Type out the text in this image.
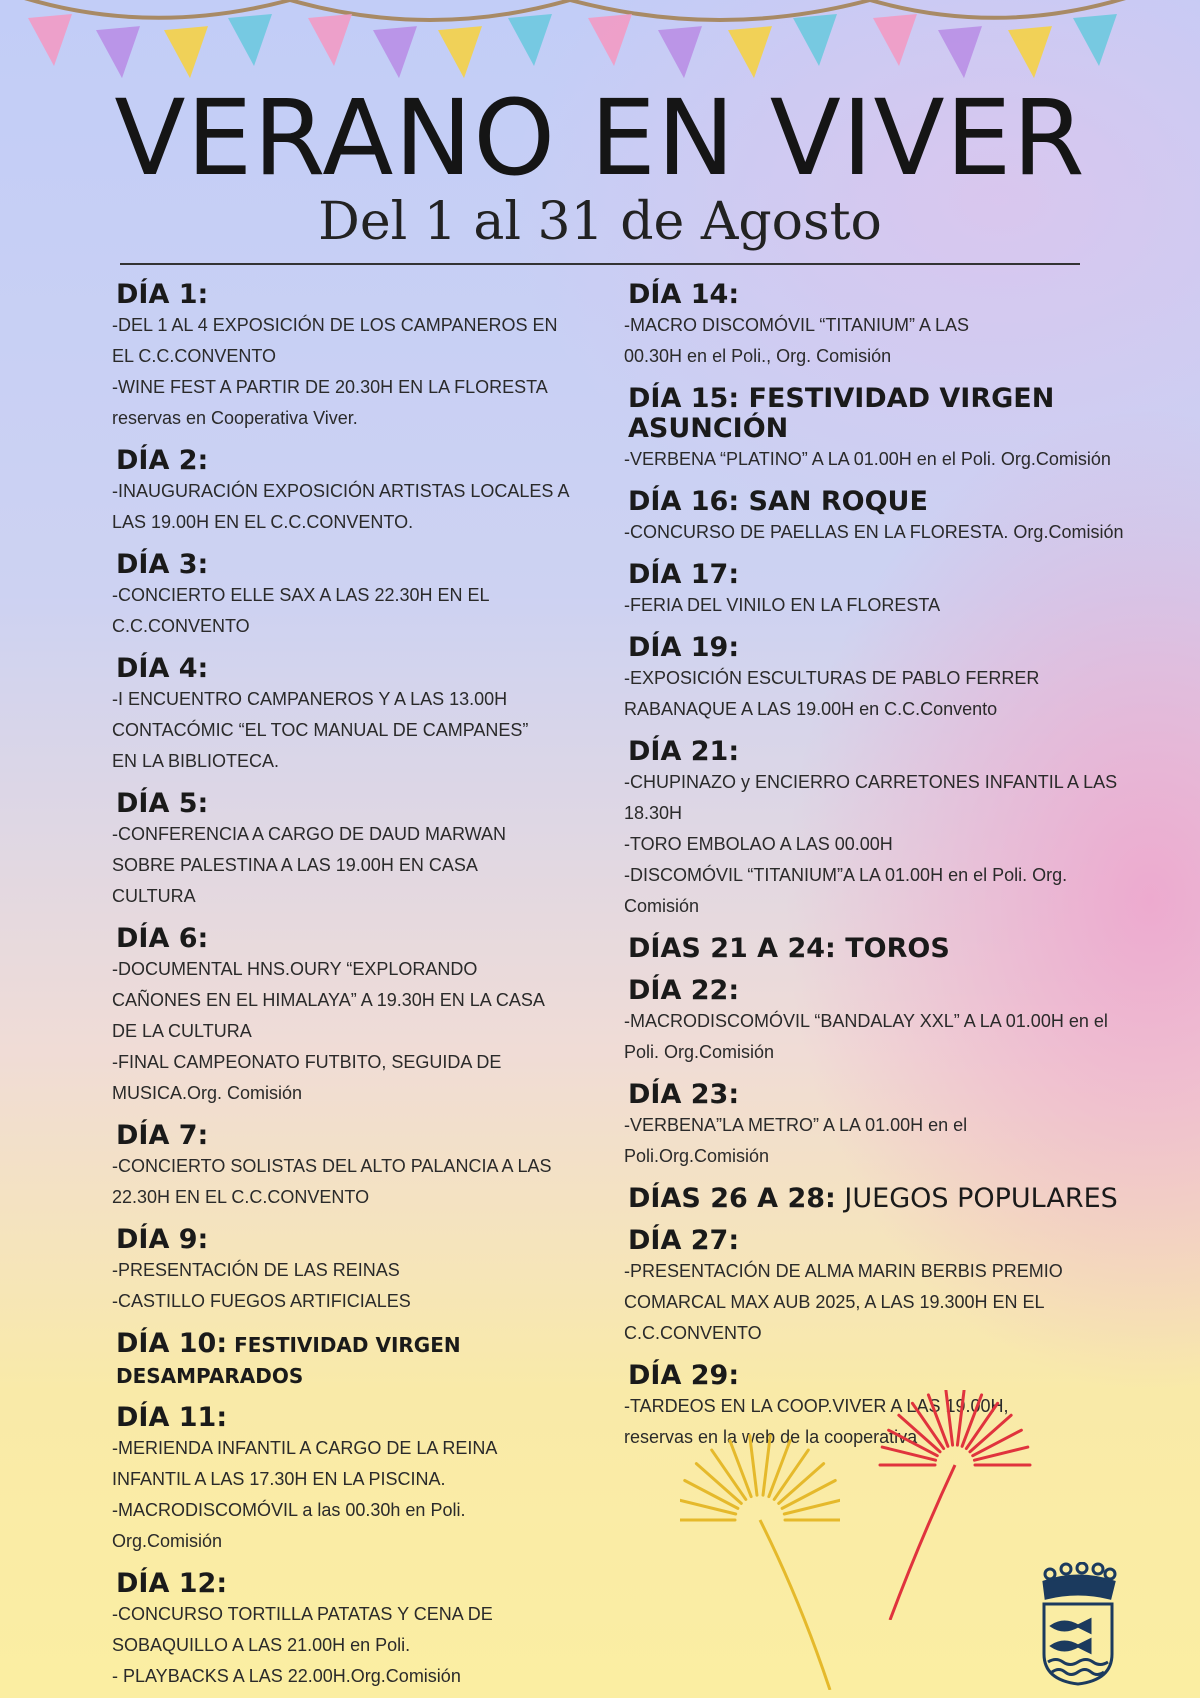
VERANO EN VIVER
Del 1 al 31 de Agosto
DÍA 1:
-DEL 1 AL 4 EXPOSICIÓN DE LOS CAMPANEROS EN
EL C.C.CONVENTO
-WINE FEST A PARTIR DE 20.30H EN LA FLORESTA
reservas en Cooperativa Viver.
DÍA 2:
-INAUGURACIÓN EXPOSICIÓN ARTISTAS LOCALES A
LAS 19.00H EN EL C.C.CONVENTO.
DÍA 3:
-CONCIERTO ELLE SAX A LAS 22.30H EN EL
C.C.CONVENTO
DÍA 4:
-I ENCUENTRO CAMPANEROS Y A LAS 13.00H
CONTACÓMIC “EL TOC MANUAL DE CAMPANES”
EN LA BIBLIOTECA.
DÍA 5:
-CONFERENCIA A CARGO DE DAUD MARWAN
SOBRE PALESTINA A LAS 19.00H EN CASA
CULTURA
DÍA 6:
-DOCUMENTAL HNS.OURY “EXPLORANDO
CAÑONES EN EL HIMALAYA” A 19.30H EN LA CASA
DE LA CULTURA
-FINAL CAMPEONATO FUTBITO, SEGUIDA DE
MUSICA.Org. Comisión
DÍA 7:
-CONCIERTO SOLISTAS DEL ALTO PALANCIA A LAS
22.30H EN EL C.C.CONVENTO
DÍA 9:
-PRESENTACIÓN DE LAS REINAS
-CASTILLO FUEGOS ARTIFICIALES
DÍA 10: FESTIVIDAD VIRGEN DESAMPARADOS
DÍA 11:
-MERIENDA INFANTIL A CARGO DE LA REINA
INFANTIL A LAS 17.30H EN LA PISCINA.
-MACRODISCOMÓVIL a las 00.30h en Poli.
Org.Comisión
DÍA 12:
-CONCURSO TORTILLA PATATAS Y CENA DE
SOBAQUILLO A LAS 21.00H en Poli.
- PLAYBACKS A LAS 22.00H.Org.Comisión
DÍA 14:
-MACRO DISCOMÓVIL “TITANIUM” A LAS
00.30H en el Poli., Org. Comisión
DÍA 15: FESTIVIDAD VIRGEN ASUNCIÓN
-VERBENA “PLATINO” A LA 01.00H en el Poli. Org.Comisión
DÍA 16: SAN ROQUE
-CONCURSO DE PAELLAS EN LA FLORESTA. Org.Comisión
DÍA 17:
-FERIA DEL VINILO EN LA FLORESTA
DÍA 19:
-EXPOSICIÓN ESCULTURAS DE PABLO FERRER
RABANAQUE A LAS 19.00H en C.C.Convento
DÍA 21:
-CHUPINAZO y ENCIERRO CARRETONES INFANTIL A LAS
18.30H
-TORO EMBOLAO A LAS 00.00H
-DISCOMÓVIL “TITANIUM”A LA 01.00H en el Poli. Org.
Comisión
DÍAS 21 A 24: TOROS
DÍA 22:
-MACRODISCOMÓVIL “BANDALAY XXL” A LA 01.00H en el
Poli. Org.Comisión
DÍA 23:
-VERBENA”LA METRO” A LA 01.00H en el
Poli.Org.Comisión
DÍAS 26 A 28: JUEGOS POPULARES
DÍA 27:
-PRESENTACIÓN DE ALMA MARIN BERBIS PREMIO
COMARCAL MAX AUB 2025, A LAS 19.300H EN EL
C.C.CONVENTO
DÍA 29:
-TARDEOS EN LA COOP.VIVER A LAS 19.00H,
reservas en la web de la cooperativa
